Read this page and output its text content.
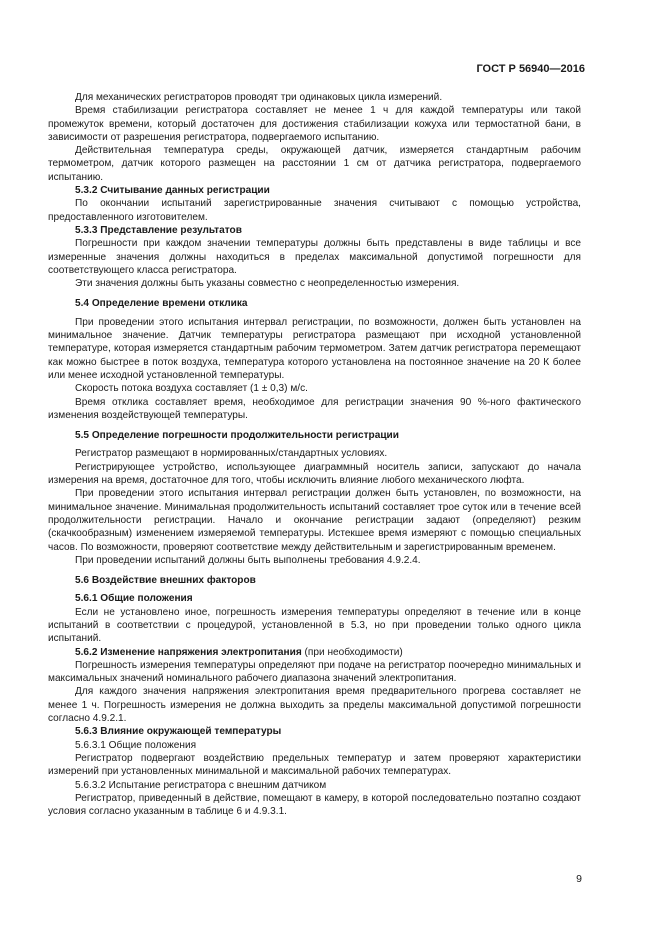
ГОСТ Р 56940—2016

Для механических регистраторов проводят три одинаковых цикла измерений.

Время стабилизации регистратора составляет не менее 1 ч для каждой температуры или такой промежуток времени, который достаточен для достижения стабилизации кожуха или термостатной бани, в зависимости от разрешения регистратора, подвергаемого испытанию.

Действительная температура среды, окружающей датчик, измеряется стандартным рабочим термометром, датчик которого размещен на расстоянии 1 см от датчика регистратора, подвергаемого испытанию.

5.3.2 Считывание данных регистрации

По окончании испытаний зарегистрированные значения считывают с помощью устройства, предоставленного изготовителем.

5.3.3 Представление результатов

Погрешности при каждом значении температуры должны быть представлены в виде таблицы и все измеренные значения должны находиться в пределах максимальной допустимой погрешности для соответствующего класса регистратора.

Эти значения должны быть указаны совместно с неопределенностью измерения.

5.4 Определение времени отклика

При проведении этого испытания интервал регистрации, по возможности, должен быть установлен на минимальное значение. Датчик температуры регистратора размещают при исходной установленной температуре, которая измеряется стандартным рабочим термометром. Затем датчик регистратора перемещают как можно быстрее в поток воздуха, температура которого установлена на постоянное значение на 20 К более или менее исходной установленной температуры.

Скорость потока воздуха составляет (1 ± 0,3) м/с.

Время отклика составляет время, необходимое для регистрации значения 90 %-ного фактического изменения воздействующей температуры.

5.5 Определение погрешности продолжительности регистрации

Регистратор размещают в нормированных/стандартных условиях.

Регистрирующее устройство, использующее диаграммный носитель записи, запускают до начала измерения на время, достаточное для того, чтобы исключить влияние любого механического люфта.

При проведении этого испытания интервал регистрации должен быть установлен, по возможности, на минимальное значение. Минимальная продолжительность испытаний составляет трое суток или в течение всей продолжительности регистрации. Начало и окончание регистрации задают (определяют) резким (скачкообразным) изменением измеряемой температуры. Истекшее время измеряют с помощью специальных часов. По возможности, проверяют соответствие между действительным и зарегистрированным временем.

При проведении испытаний должны быть выполнены требования 4.9.2.4.

5.6 Воздействие внешних факторов
5.6.1 Общие положения

Если не установлено иное, погрешность измерения температуры определяют в течение или в конце испытаний в соответствии с процедурой, установленной в 5.3, но при проведении только одного цикла испытаний.

5.6.2 Изменение напряжения электропитания (при необходимости)

Погрешность измерения температуры определяют при подаче на регистратор поочередно минимальных и максимальных значений номинального рабочего диапазона значений электропитания.

Для каждого значения напряжения электропитания время предварительного прогрева составляет не менее 1 ч. Погрешность измерения не должна выходить за пределы максимальной допустимой погрешности согласно 4.9.2.1.

5.6.3 Влияние окружающей температуры
5.6.3.1 Общие положения

Регистратор подвергают воздействию предельных температур и затем проверяют характеристики измерений при установленных минимальной и максимальной рабочих температурах.

5.6.3.2 Испытание регистратора с внешним датчиком

Регистратор, приведенный в действие, помещают в камеру, в которой последовательно поэтапно создают условия согласно указанным в таблице 6 и 4.9.3.1.

9
